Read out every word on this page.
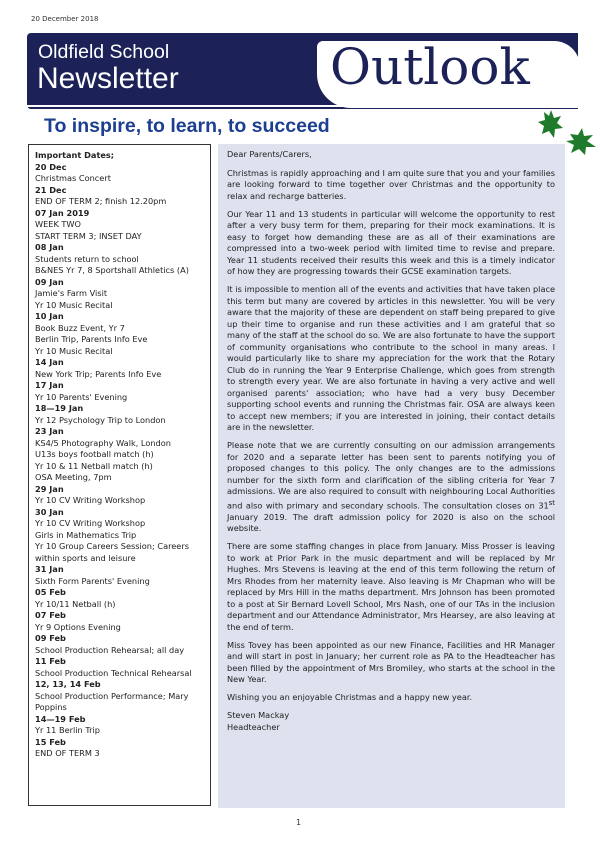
20 December 2018
Oldfield School
Newsletter	Outlook
To inspire, to learn, to succeed
Important Dates;
20 Dec
Christmas Concert
21 Dec
END OF TERM 2; finish 12.20pm
07 Jan 2019
WEEK TWO
START TERM 3; INSET DAY
08 Jan
Students return to school
B&NES Yr 7, 8 Sportshall Athletics (A)
09 Jan
Jamie's Farm Visit
Yr 10 Music Recital
10 Jan
Book Buzz Event, Yr 7
Berlin Trip, Parents Info Eve
Yr 10 Music Recital
14 Jan
New York Trip; Parents Info Eve
17 Jan
Yr 10 Parents' Evening
18—19 Jan
Yr 12 Psychology Trip to London
23 Jan
KS4/5 Photography Walk, London
U13s boys football match (h)
Yr 10 & 11 Netball match (h)
OSA Meeting, 7pm
29 Jan
Yr 10 CV Writing Workshop
30 Jan
Yr 10 CV Writing Workshop
Girls in Mathematics Trip
Yr 10 Group Careers Session; Careers within sports and leisure
31 Jan
Sixth Form Parents' Evening
05 Feb
Yr 10/11 Netball (h)
07 Feb
Yr 9 Options Evening
09 Feb
School Production Rehearsal; all day
11 Feb
School Production Technical Rehearsal
12, 13, 14 Feb
School Production Performance; Mary Poppins
14—19 Feb
Yr 11 Berlin Trip
15 Feb
END OF TERM 3

Dear Parents/Carers,

Christmas is rapidly approaching and I am quite sure that you and your families are looking forward to time together over Christmas and the opportunity to relax and recharge batteries.

Our Year 11 and 13 students in particular will welcome the opportunity to rest after a very busy term for them, preparing for their mock examinations. It is easy to forget how demanding these are as all of their examinations are compressed into a two-week period with limited time to revise and prepare. Year 11 students received their results this week and this is a timely indicator of how they are progressing towards their GCSE examination targets.

It is impossible to mention all of the events and activities that have taken place this term but many are covered by articles in this newsletter. You will be very aware that the majority of these are dependent on staff being prepared to give up their time to organise and run these activities and I am grateful that so many of the staff at the school do so. We are also fortunate to have the support of community organisations who contribute to the school in many areas. I would particularly like to share my appreciation for the work that the Rotary Club do in running the Year 9 Enterprise Challenge, which goes from strength to strength every year. We are also fortunate in having a very active and well organised parents' association; who have had a very busy December supporting school events and running the Christmas fair. OSA are always keen to accept new members; if you are interested in joining, their contact details are in the newsletter.

Please note that we are currently consulting on our admission arrangements for 2020 and a separate letter has been sent to parents notifying you of proposed changes to this policy. The only changes are to the admissions number for the sixth form and clarification of the sibling criteria for Year 7 admissions. We are also required to consult with neighbouring Local Authorities and also with primary and secondary schools. The consultation closes on 31st January 2019. The draft admission policy for 2020 is also on the school website.

There are some staffing changes in place from January. Miss Prosser is leaving to work at Prior Park in the music department and will be replaced by Mr Hughes. Mrs Stevens is leaving at the end of this term following the return of Mrs Rhodes from her maternity leave. Also leaving is Mr Chapman who will be replaced by Mrs Hill in the maths department. Mrs Johnson has been promoted to a post at Sir Bernard Lovell School, Mrs Nash, one of our TAs in the inclusion department and our Attendance Administrator, Mrs Hearsey, are also leaving at the end of term.

Miss Tovey has been appointed as our new Finance, Facilities and HR Manager and will start in post in January; her current role as PA to the Headteacher has been filled by the appointment of Mrs Bromiley, who starts at the school in the New Year.

Wishing you an enjoyable Christmas and a happy new year.

Steven Mackay

Headteacher

1
